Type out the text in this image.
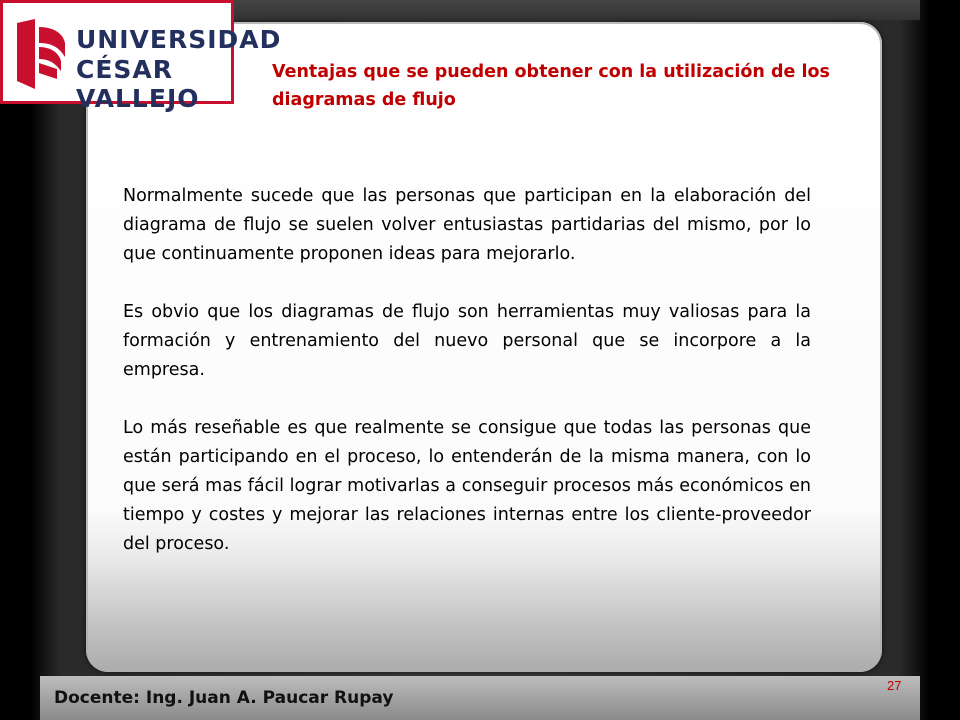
UNIVERSIDAD
CÉSAR VALLEJO
Ventajas que se pueden obtener con la utilización de los diagramas de flujo

Normalmente sucede que las personas que participan en la elaboración del diagrama de flujo se suelen volver entusiastas partidarias del mismo, por lo que continuamente proponen ideas para mejorarlo.

Es obvio que los diagramas de flujo son herramientas muy valiosas para la formación y entrenamiento del nuevo personal que se incorpore a la empresa.

Lo más reseñable es que realmente se consigue que todas las personas que están participando en el proceso, lo entenderán de la misma manera, con lo que será mas fácil lograr motivarlas a conseguir procesos más económicos en tiempo y costes y mejorar las relaciones internas entre los cliente-proveedor del proceso.

Docente: Ing. Juan A. Paucar Rupay
27
